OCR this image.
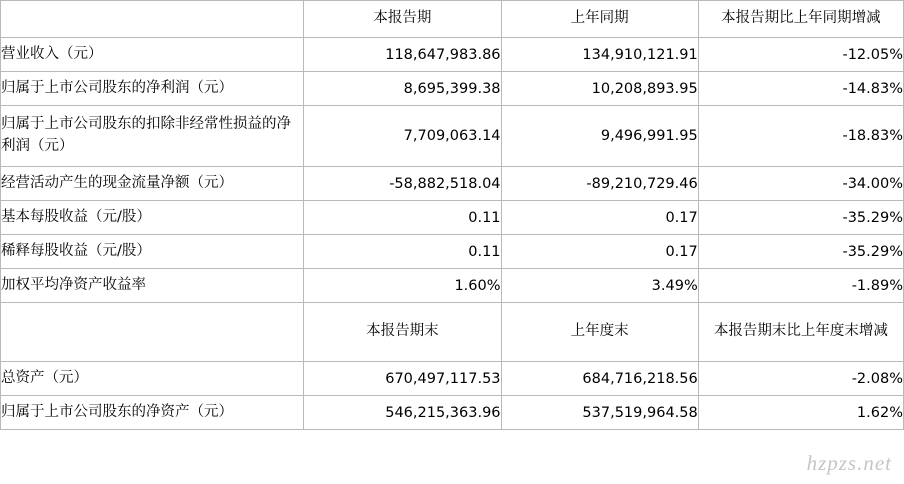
	本报告期	上年同期	本报告期比上年同期增减
营业收入（元）	118,647,983.86	134,910,121.91	-12.05%
归属于上市公司股东的净利润（元）	8,695,399.38	10,208,893.95	-14.83%
归属于上市公司股东的扣除非经常性损益的净利润（元）	7,709,063.14	9,496,991.95	-18.83%
经营活动产生的现金流量净额（元）	-58,882,518.04	-89,210,729.46	-34.00%
基本每股收益（元/股）	0.11	0.17	-35.29%
稀释每股收益（元/股）	0.11	0.17	-35.29%
加权平均净资产收益率	1.60%	3.49%	-1.89%
	本报告期末	上年度末	本报告期末比上年度末增减
总资产（元）	670,497,117.53	684,716,218.56	-2.08%
归属于上市公司股东的净资产（元）	546,215,363.96	537,519,964.58	1.62%
hzpzs.net
